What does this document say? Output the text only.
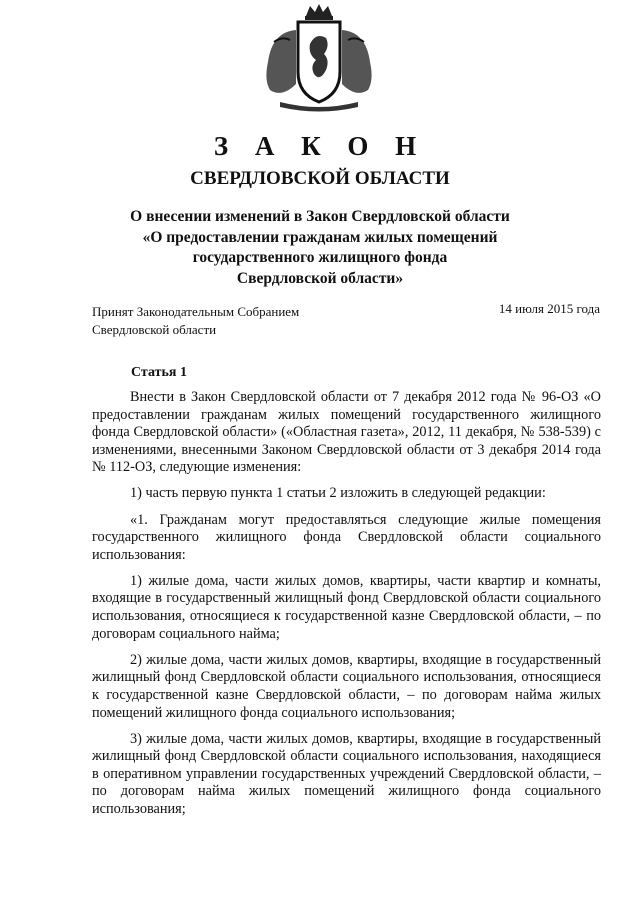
З А К О Н
СВЕРДЛОВСКОЙ ОБЛАСТИ
О внесении изменений в Закон Свердловской области
«О предоставлении гражданам жилых помещений
государственного жилищного фонда
Свердловской области»
Принят Законодательным Собранием
Свердловской области
14 июля 2015 года
Статья 1

Внести в Закон Свердловской области от 7 декабря 2012 года № 96-ОЗ «О предоставлении гражданам жилых помещений государственного жилищного фонда Свердловской области» («Областная газета», 2012, 11 декабря, № 538-539) с изменениями, внесенными Законом Свердловской области от 3 декабря 2014 года № 112-ОЗ, следующие изменения:

1) часть первую пункта 1 статьи 2 изложить в следующей редакции:

«1. Гражданам могут предоставляться следующие жилые помещения государственного жилищного фонда Свердловской области социального использования:

1) жилые дома, части жилых домов, квартиры, части квартир и комнаты, входящие в государственный жилищный фонд Свердловской области социального использования, относящиеся к государственной казне Свердловской области, – по договорам социального найма;

2) жилые дома, части жилых домов, квартиры, входящие в государственный жилищный фонд Свердловской области социального использования, относящиеся к государственной казне Свердловской области, – по договорам найма жилых помещений жилищного фонда социального использования;

3) жилые дома, части жилых домов, квартиры, входящие в государственный жилищный фонд Свердловской области социального использования, находящиеся в оперативном управлении государственных учреждений Свердловской области, – по договорам найма жилых помещений жилищного фонда социального использования;
